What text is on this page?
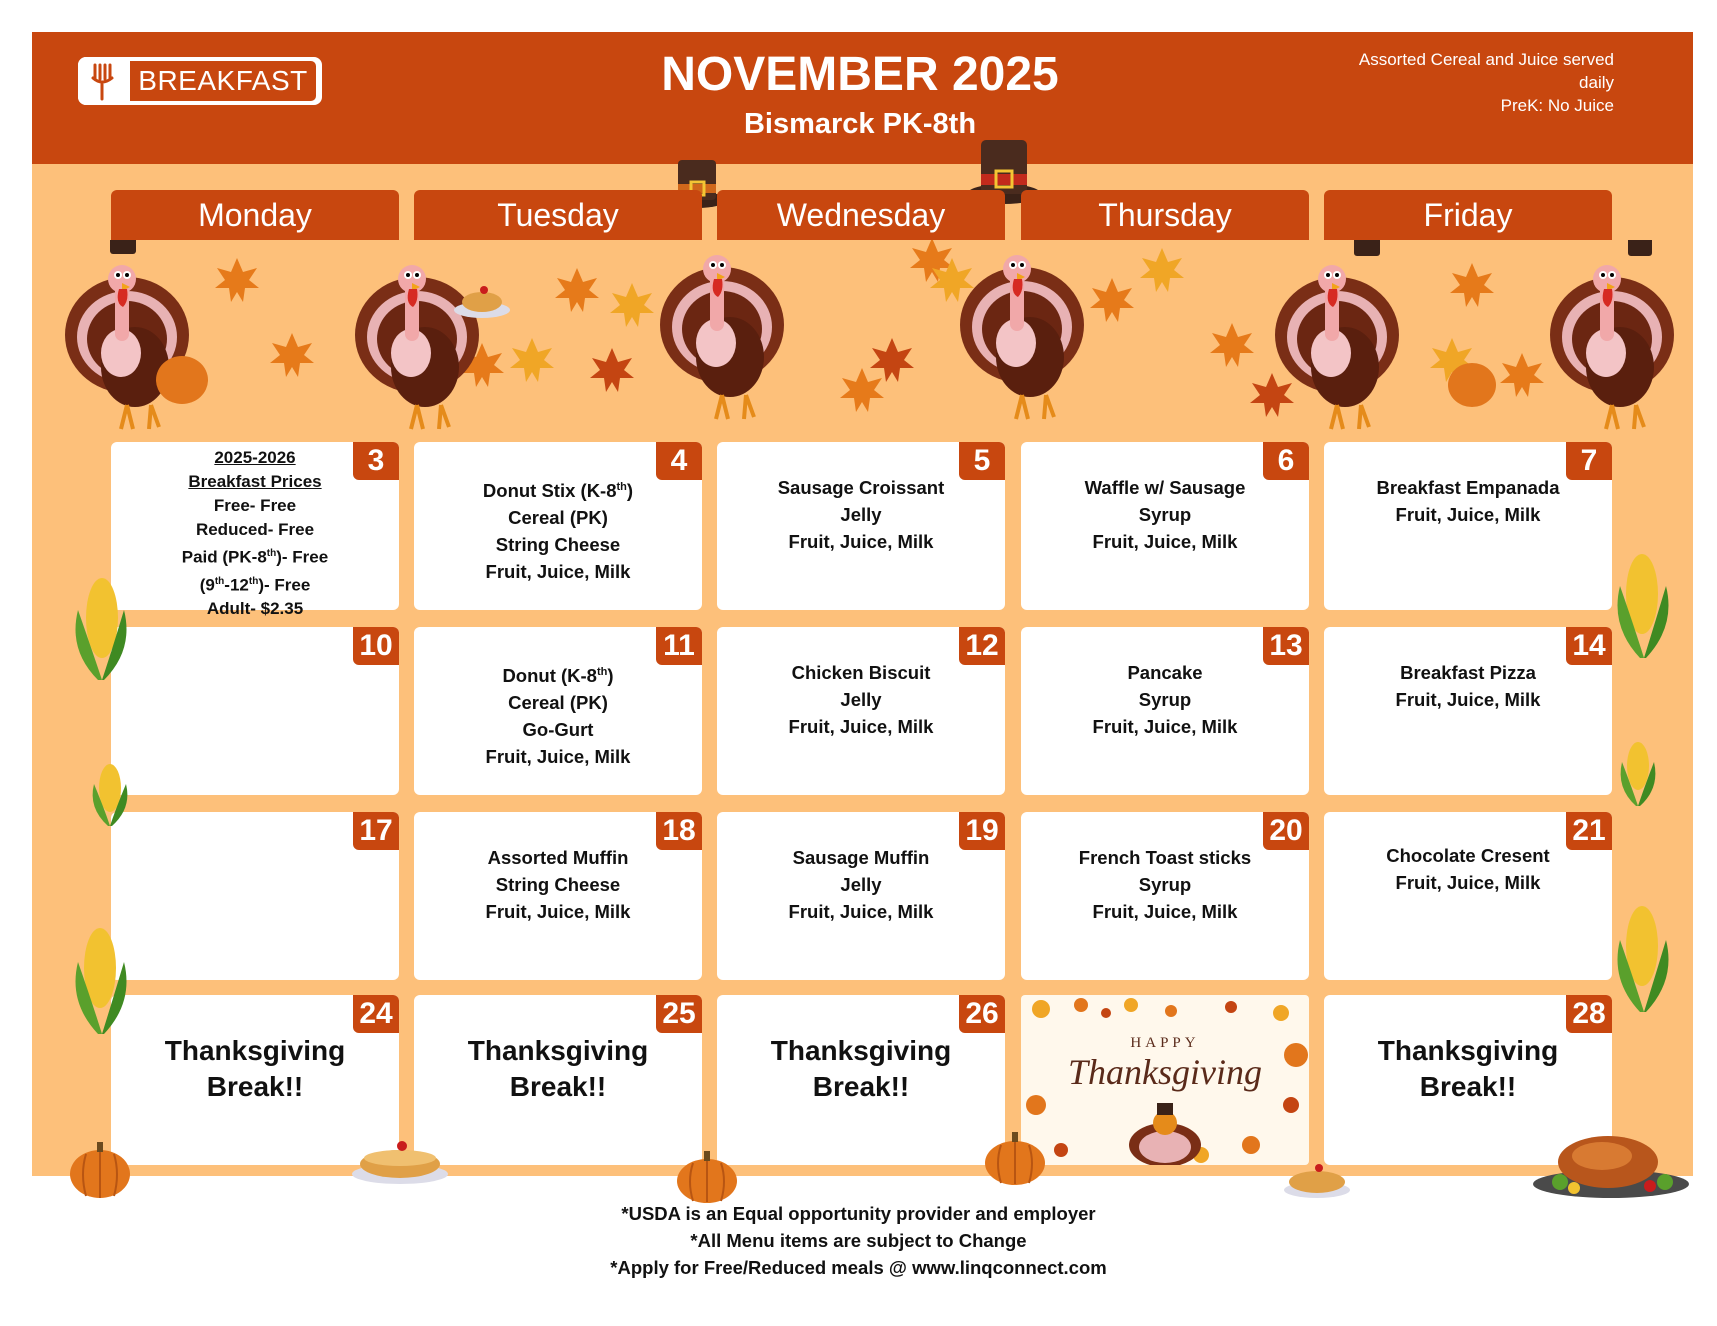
BREAKFAST	NOVEMBER 2025
Bismarck PK-8th
Assorted Cereal and Juice served
daily
PreK: No Juice
Monday	Tuesday	Wednesday	Thursday	Friday
3
2025-2026
Breakfast Prices
Free- Free
Reduced- Free
Paid (PK-8th)- Free
(9th-12th)- Free
Adult- $2.35
4
Donut Stix (K-8th)
Cereal (PK)
String Cheese
Fruit, Juice, Milk
5
Sausage Croissant
Jelly
Fruit, Juice, Milk
6
Waffle w/ Sausage
Syrup
Fruit, Juice, Milk
7
Breakfast Empanada
Fruit, Juice, Milk
10	11
Donut (K-8th)
Cereal (PK)
Go-Gurt
Fruit, Juice, Milk
12
Chicken Biscuit
Jelly
Fruit, Juice, Milk
13
Pancake
Syrup
Fruit, Juice, Milk
14
Breakfast Pizza
Fruit, Juice, Milk
17	18
Assorted Muffin
String Cheese
Fruit, Juice, Milk
19
Sausage Muffin
Jelly
Fruit, Juice, Milk
20
French Toast sticks
Syrup
Fruit, Juice, Milk
21
Chocolate Cresent
Fruit, Juice, Milk
24
Thanksgiving
Break!!
25
Thanksgiving
Break!!
26
Thanksgiving
Break!!
HAPPY
Thanksgiving
28
Thanksgiving
Break!!
*USDA is an Equal opportunity provider and employer
*All Menu items are subject to Change
*Apply for Free/Reduced meals @ www.linqconnect.com
